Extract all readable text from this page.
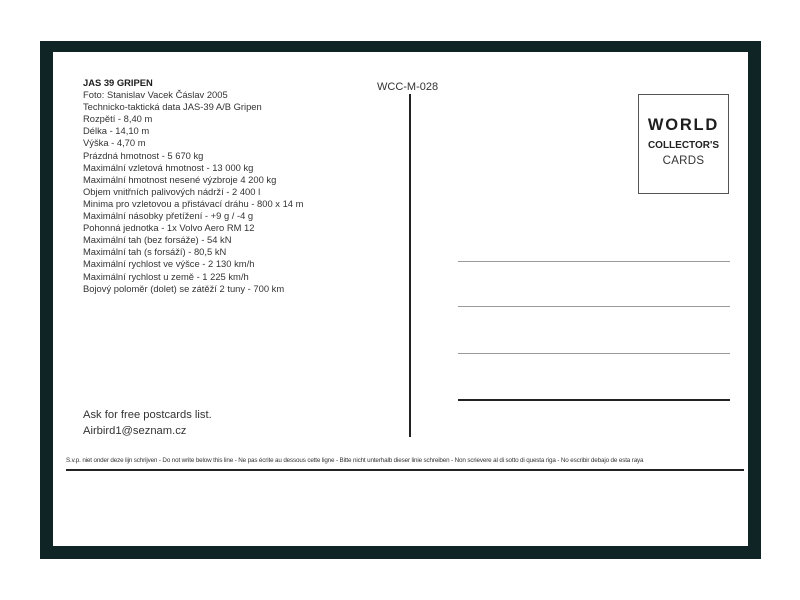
JAS 39 GRIPEN
Foto: Stanislav Vacek Čáslav 2005
Technicko-taktická data JAS-39 A/B Gripen
Rozpětí - 8,40 m
Délka - 14,10 m
Výška - 4,70 m
Prázdná hmotnost - 5 670 kg
Maximální vzletová hmotnost - 13 000 kg
Maximální hmotnost nesené výzbroje 4 200 kg
Objem vnitřních palivových nádrží - 2 400 l
Minima pro vzletovou a přistávací dráhu - 800 x 14 m
Maximální násobky přetížení - +9 g / -4 g
Pohonná jednotka - 1x Volvo Aero RM 12
Maximální tah (bez forsáže) - 54 kN
Maximální tah (s forsáží) - 80,5 kN
Maximální rychlost ve výšce - 2 130 km/h
Maximální rychlost u země - 1 225 km/h
Bojový poloměr (dolet) se zátěží 2 tuny - 700 km
WCC-M-028
WORLD
COLLECTOR'S
CARDS
Ask for free postcards list.
Airbird1@seznam.cz
S.v.p. niet onder deze lijn schrijven - Do not write below this line - Ne pas écrite au dessous cette ligne - Bitte nicht unterhalb dieser linie schreiben - Non scrievere al di sotto di questa riga - No escribir debajo de esta raya
